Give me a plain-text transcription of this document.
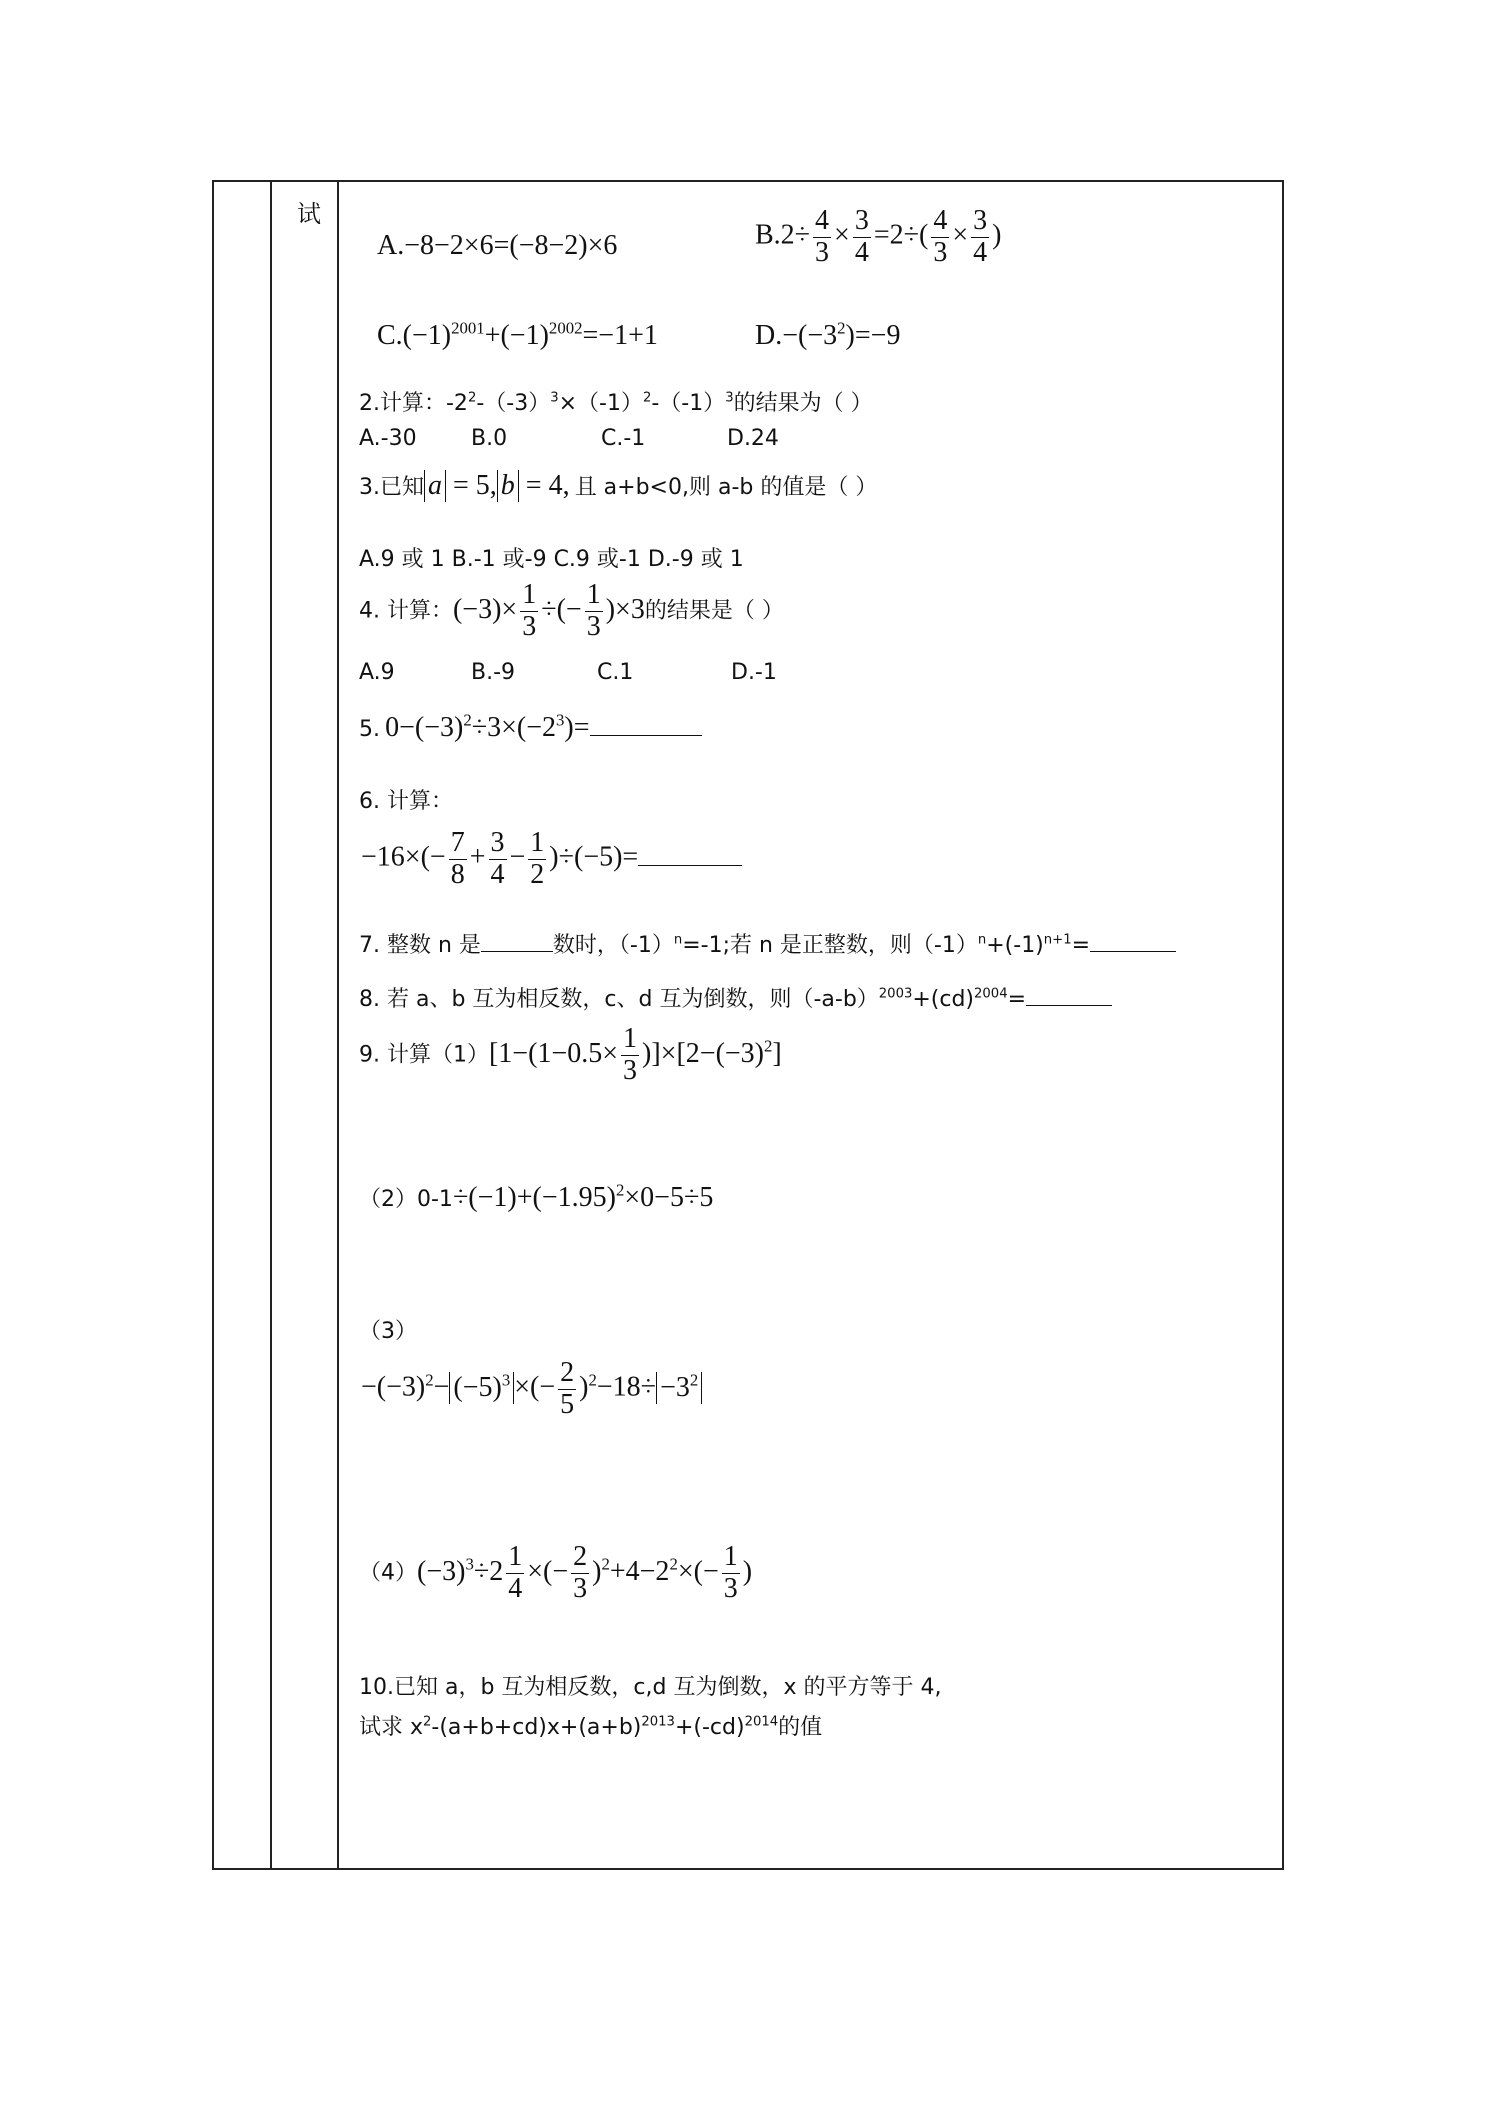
试
A.−8−2×6=(−8−2)×6	$B.2\div \frac{4}{3} \times \frac{3}{4} =2\div( \frac{4}{3} \times \frac{3}{4}$ )
$C.(-1)^{2001}+(-1)^{2002}=-1+1$	$D.-(-3^2)=-9$
2.计算：$-2^2-(-3)^3\times(-1)^2-(-1)^3$的结果为（ ）
A.-30 B.0	C.-1	D.24
3.已知 a = 5, b = 4, 且 a+b<0,则 a-b 的值是（ ）
A.9 或 1 B.-1 或-9 C.9 或-1 D.-9 或 1
4. 计算：$(-3)\times \frac{1}{3}$ ÷(− $\frac{1}{3} )\times 3$的结果是（ ）
A.9	B.-9	C.1	D.-1
5. $0-(-3)^2\div 3\times(-2^3)=$
6. 计算：
$-16\times(- \frac{7}{8} + \frac{3}{4} - \frac{1}{2} )\div(-5)=$
7. 整数 n 是	数时，$(-1)^n=-1$;若 n 是正整数，则$(-1)^n+(-1)^{n+1}=$
8. 若 a、b 互为相反数，c、d 互为倒数，则$(-a-b)^{2003}+(cd)^{2004}=$
9. 计算$(1)[1-(1-0.5\times \frac{1}{3} )]\times[2-(-3)^2]$
$(2)0-1\div(-1)+(-1.95)^2\times 0-5\div 5$
（3）
$-(-3)^2- (-5)^3$ ×(− $\frac{2}{5} )^2-18\div -3^2$
$(4)(-3)^3\div 2 \frac{1}{4}$ ×(− $\frac{2}{3} )^2+4-2^2\times(- \frac{1}{3}$ )
10.已知 a，b 互为相反数，c,d 互为倒数，x 的平方等于 4,
试求 $x^2-(a+b+cd)x+(a+b)^{2013}+(-cd)^{2014}$的值
